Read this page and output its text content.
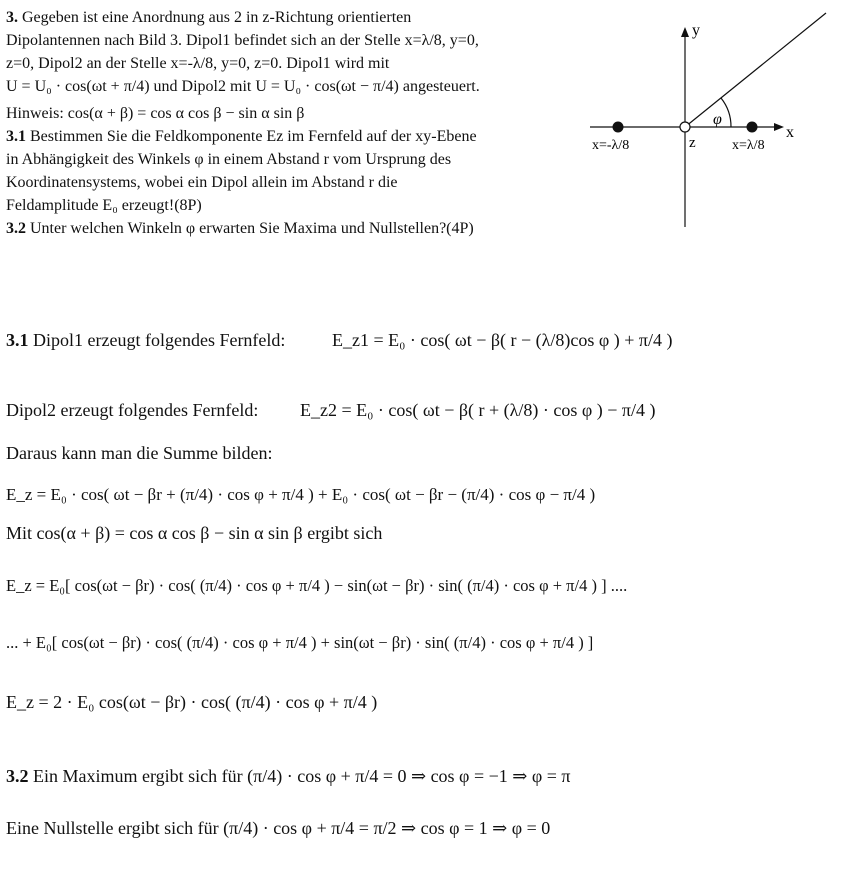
3. Gegeben ist eine Anordnung aus 2 in z-Richtung orientierten
Dipolantennen nach Bild 3. Dipol1 befindet sich an der Stelle x=λ/8, y=0,
z=0, Dipol2 an der Stelle x=-λ/8, y=0, z=0. Dipol1 wird mit
U = U₀ · cos(ωt + π/4) und Dipol2 mit U = U₀ · cos(ωt − π/4) angesteuert.
Hinweis: cos(α + β) = cos α cos β − sin α sin β
3.1 Bestimmen Sie die Feldkomponente Ez im Fernfeld auf der xy-Ebene
in Abhängigkeit des Winkels φ in einem Abstand r vom Ursprung des
Koordinatensystems, wobei ein Dipol allein im Abstand r die
Feldamplitude E₀ erzeugt!(8P)
3.2 Unter welchen Winkeln φ erwarten Sie Maxima und Nullstellen?(4P)
y
x
φ
z
x=-λ/8	x=λ/8
3.1 Dipol1 erzeugt folgendes Fernfeld:	E_z1 = E₀ · cos( ωt − β( r − (λ/8)cos φ ) + π/4 )
Dipol2 erzeugt folgendes Fernfeld: E_z2 = E₀ · cos( ωt − β( r + (λ/8) · cos φ ) − π/4 )
Daraus kann man die Summe bilden:
E_z = E₀ · cos( ωt − βr + (π/4) · cos φ + π/4 ) + E₀ · cos( ωt − βr − (π/4) · cos φ − π/4 )
Mit cos(α + β) = cos α cos β − sin α sin β ergibt sich
E_z = E₀[ cos(ωt − βr) · cos( (π/4) · cos φ + π/4 ) − sin(ωt − βr) · sin( (π/4) · cos φ + π/4 ) ] ....
... + E₀[ cos(ωt − βr) · cos( (π/4) · cos φ + π/4 ) + sin(ωt − βr) · sin( (π/4) · cos φ + π/4 ) ]
E_z = 2 · E₀ cos(ωt − βr) · cos( (π/4) · cos φ + π/4 )
3.2 Ein Maximum ergibt sich für (π/4) · cos φ + π/4 = 0 ⇒ cos φ = −1 ⇒ φ = π
Eine Nullstelle ergibt sich für (π/4) · cos φ + π/4 = π/2 ⇒ cos φ = 1 ⇒ φ = 0
